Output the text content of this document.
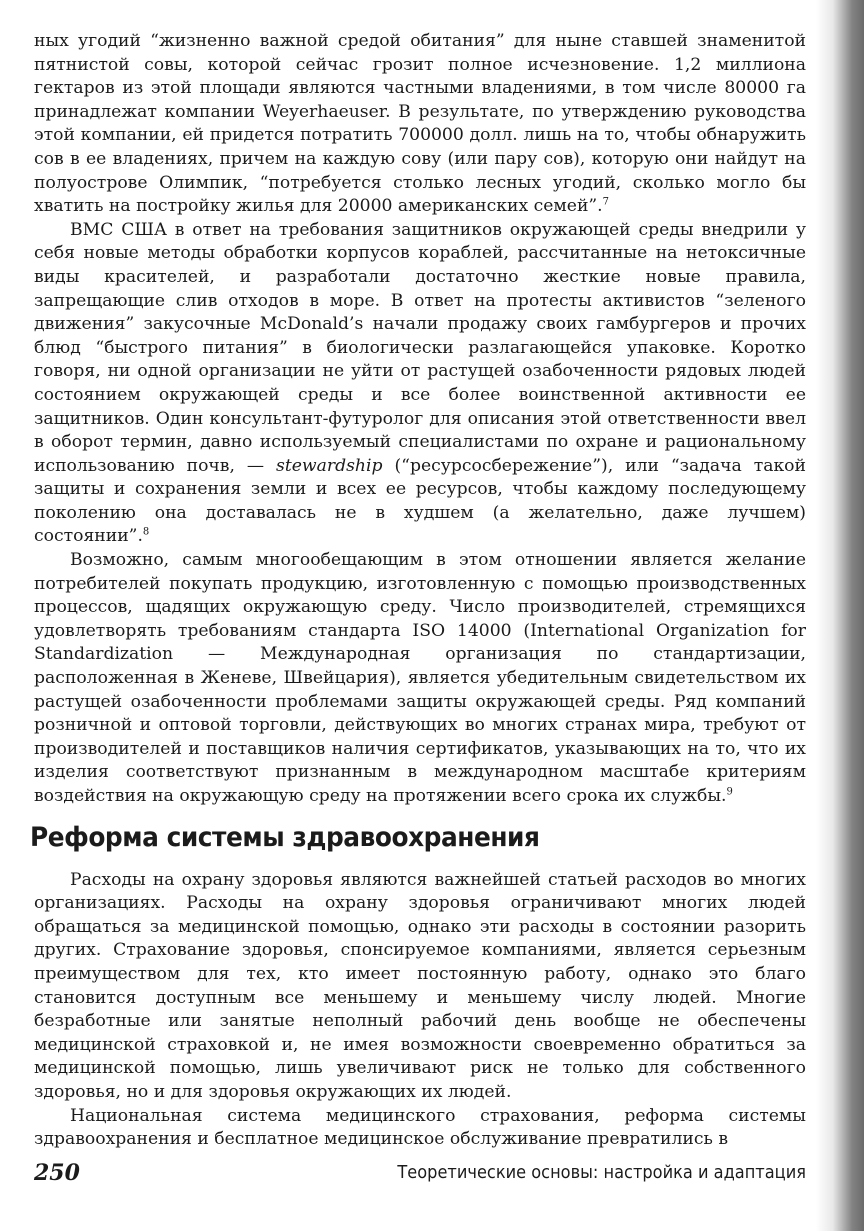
ных угодий “жизненно важной средой обитания” для ныне ставшей знаменитой пятнистой совы, которой сейчас грозит полное исчезновение. 1,2 миллиона гектаров из этой площади являются частными владениями, в том числе 80000 га принадлежат компании Weyerhaeuser. В результате, по утверждению руководства этой компании, ей придется потратить 700000 долл. лишь на то, чтобы обнаружить сов в ее владениях, причем на каждую сову (или пару сов), которую они найдут на полуострове Олимпик, “потребуется столько лесных угодий, сколько могло бы хватить на постройку жилья для 20000 американских семей”.$^7$

ВМС США в ответ на требования защитников окружающей среды внедрили у себя новые методы обработки корпусов кораблей, рассчитанные на нетоксичные виды красителей, и разработали достаточно жесткие новые правила, запрещающие слив отходов в море. В ответ на протесты активистов “зеленого движения” закусочные McDonald’s начали продажу своих гамбургеров и прочих блюд “быстрого питания” в биологически разлагающейся упаковке. Коротко говоря, ни одной организации не уйти от растущей озабоченности рядовых людей состоянием окружающей среды и все более воинственной активности ее защитников. Один консультант-футуролог для описания этой ответственности ввел в оборот термин, давно используемый специалистами по охране и рациональному использованию почв, — stewardship (“ресурсосбережение”), или “задача такой защиты и сохранения земли и всех ее ресурсов, чтобы каждому последующему поколению она доставалась не в худшем (а желательно, даже лучшем) состоянии”.$^8$

Возможно, самым многообещающим в этом отношении является желание потребителей покупать продукцию, изготовленную с помощью производственных процессов, щадящих окружающую среду. Число производителей, стремящихся удовлетворять требованиям стандарта ISO 14000 (International Organization for Standardization — Международная организация по стандартизации, расположенная в Женеве, Швейцария), является убедительным свидетельством их растущей озабоченности проблемами защиты окружающей среды. Ряд компаний розничной и оптовой торговли, действующих во многих странах мира, требуют от производителей и поставщиков наличия сертификатов, указывающих на то, что их изделия соответствуют признанным в международном масштабе критериям воздействия на окружающую среду на протяжении всего срока их службы.$^9$

Реформа системы здравоохранения

Расходы на охрану здоровья являются важнейшей статьей расходов во многих организациях. Расходы на охрану здоровья ограничивают многих людей обращаться за медицинской помощью, однако эти расходы в состоянии разорить других. Страхование здоровья, спонсируемое компаниями, является серьезным преимуществом для тех, кто имеет постоянную работу, однако это благо становится доступным все меньшему и меньшему числу людей. Многие безработные или занятые неполный рабочий день вообще не обеспечены медицинской страховкой и, не имея возможности своевременно обратиться за медицинской помощью, лишь увеличивают риск не только для собственного здоровья, но и для здоровья окружающих их людей.

Национальная система медицинского страхования, реформа системы здравоохранения и бесплатное медицинское обслуживание превратились в

250	Теоретические основы: настройка и адаптация
